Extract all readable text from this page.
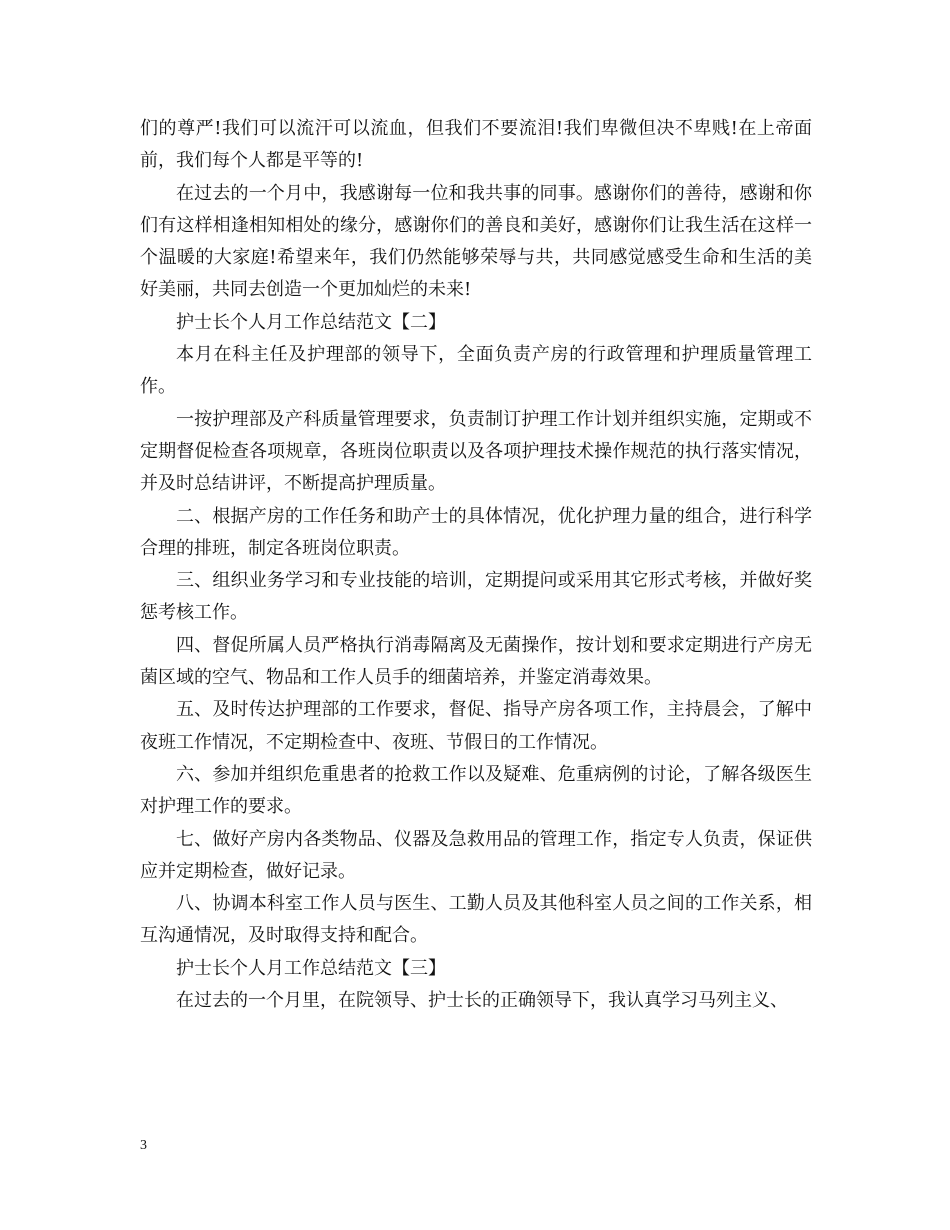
们的尊严!我们可以流汗可以流血，但我们不要流泪!我们卑微但决不卑贱!在上帝面前，我们每个人都是平等的!

在过去的一个月中，我感谢每一位和我共事的同事。感谢你们的善待，感谢和你们有这样相逢相知相处的缘分，感谢你们的善良和美好，感谢你们让我生活在这样一个温暖的大家庭!希望来年，我们仍然能够荣辱与共，共同感觉感受生命和生活的美好美丽，共同去创造一个更加灿烂的未来!

护士长个人月工作总结范文【二】

本月在科主任及护理部的领导下，全面负责产房的行政管理和护理质量管理工作。

一按护理部及产科质量管理要求，负责制订护理工作计划并组织实施，定期或不定期督促检查各项规章，各班岗位职责以及各项护理技术操作规范的执行落实情况，并及时总结讲评，不断提高护理质量。

二、根据产房的工作任务和助产士的具体情况，优化护理力量的组合，进行科学合理的排班，制定各班岗位职责。

三、组织业务学习和专业技能的培训，定期提问或采用其它形式考核，并做好奖惩考核工作。

四、督促所属人员严格执行消毒隔离及无菌操作，按计划和要求定期进行产房无菌区域的空气、物品和工作人员手的细菌培养，并鉴定消毒效果。

五、及时传达护理部的工作要求，督促、指导产房各项工作，主持晨会，了解中夜班工作情况，不定期检查中、夜班、节假日的工作情况。

六、参加并组织危重患者的抢救工作以及疑难、危重病例的讨论，了解各级医生对护理工作的要求。

七、做好产房内各类物品、仪器及急救用品的管理工作，指定专人负责，保证供应并定期检查，做好记录。

八、协调本科室工作人员与医生、工勤人员及其他科室人员之间的工作关系，相互沟通情况，及时取得支持和配合。

护士长个人月工作总结范文【三】

在过去的一个月里，在院领导、护士长的正确领导下，我认真学习马列主义、

3
